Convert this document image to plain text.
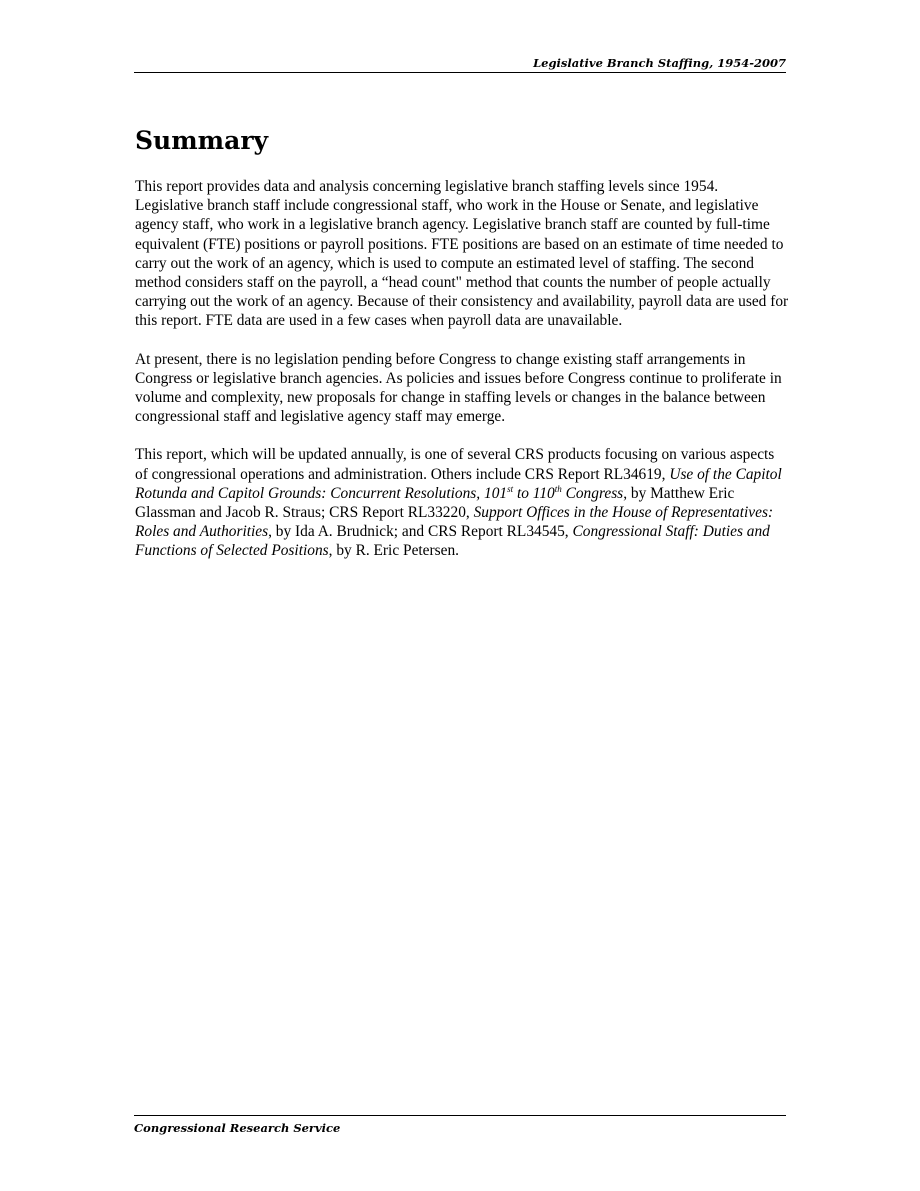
Legislative Branch Staffing, 1954-2007
Summary

This report provides data and analysis concerning legislative branch staffing levels since 1954. Legislative branch staff include congressional staff, who work in the House or Senate, and legislative agency staff, who work in a legislative branch agency. Legislative branch staff are counted by full-time equivalent (FTE) positions or payroll positions. FTE positions are based on an estimate of time needed to carry out the work of an agency, which is used to compute an estimated level of staffing. The second method considers staff on the payroll, a “head count" method that counts the number of people actually carrying out the work of an agency. Because of their consistency and availability, payroll data are used for this report. FTE data are used in a few cases when payroll data are unavailable.

At present, there is no legislation pending before Congress to change existing staff arrangements in Congress or legislative branch agencies. As policies and issues before Congress continue to proliferate in volume and complexity, new proposals for change in staffing levels or changes in the balance between congressional staff and legislative agency staff may emerge.

This report, which will be updated annually, is one of several CRS products focusing on various aspects of congressional operations and administration. Others include CRS Report RL34619, Use of the Capitol Rotunda and Capitol Grounds: Concurrent Resolutions, 101st to 110th Congress, by Matthew Eric Glassman and Jacob R. Straus; CRS Report RL33220, Support Offices in the House of Representatives: Roles and Authorities, by Ida A. Brudnick; and CRS Report RL34545, Congressional Staff: Duties and Functions of Selected Positions, by R. Eric Petersen.

Congressional Research Service
